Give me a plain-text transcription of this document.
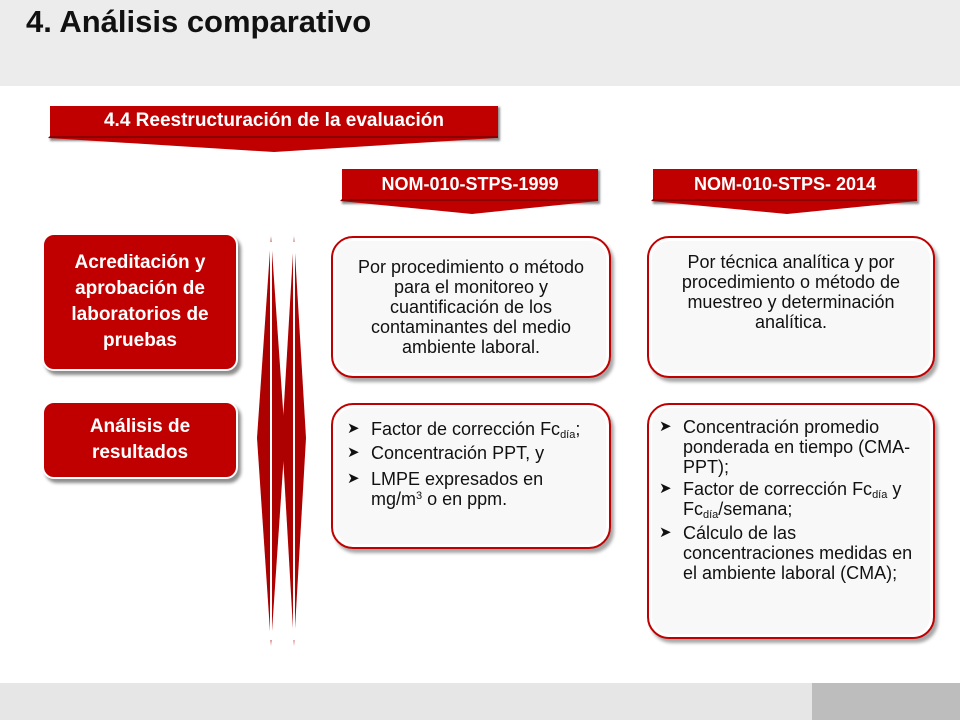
4. Análisis comparativo
4.4 Reestructuración de la evaluación
NOM-010-STPS-1999	NOM-010-STPS- 2014
Acreditación y aprobación de laboratorios de pruebas
Análisis de resultados
Por procedimiento o método para el monitoreo y cuantificación de los contaminantes del medio ambiente laboral.
Por técnica analítica y por procedimiento o método de muestreo y determinación analítica.
➤ Factor de corrección $Fc_{día}$;
➤ Concentración PPT, y
➤ LMPE expresados en $mg/m^3$ o en ppm.
➤ Concentración promedio ponderada en tiempo (CMA-PPT);
➤ Factor de corrección $Fc_{día}$ y $Fc_{día}$/semana;
➤ Cálculo de las concentraciones medidas en el ambiente laboral (CMA);
